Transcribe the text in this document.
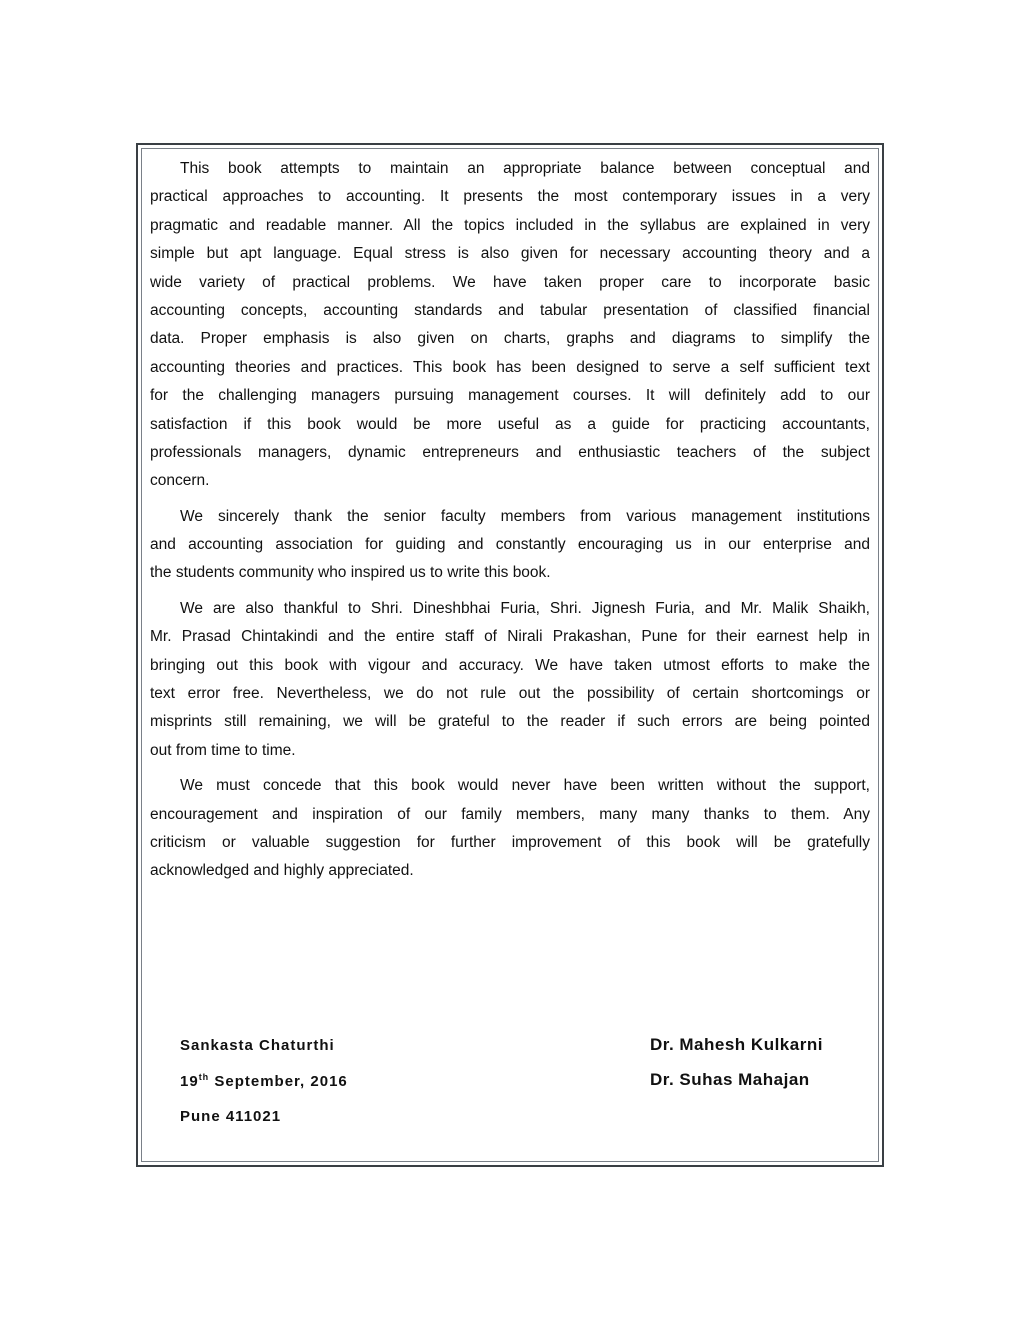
This book attempts to maintain an appropriate balance between conceptual and
practical approaches to accounting. It presents the most contemporary issues in a very
pragmatic and readable manner. All the topics included in the syllabus are explained in very
simple but apt language. Equal stress is also given for necessary accounting theory and a
wide variety of practical problems. We have taken proper care to incorporate basic
accounting concepts, accounting standards and tabular presentation of classified financial
data. Proper emphasis is also given on charts, graphs and diagrams to simplify the
accounting theories and practices. This book has been designed to serve a self sufficient text
for the challenging managers pursuing management courses. It will definitely add to our
satisfaction if this book would be more useful as a guide for practicing accountants,
professionals managers, dynamic entrepreneurs and enthusiastic teachers of the subject
concern.
We sincerely thank the senior faculty members from various management institutions
and accounting association for guiding and constantly encouraging us in our enterprise and
the students community who inspired us to write this book.
We are also thankful to Shri. Dineshbhai Furia, Shri. Jignesh Furia, and Mr. Malik Shaikh,
Mr. Prasad Chintakindi and the entire staff of Nirali Prakashan, Pune for their earnest help in
bringing out this book with vigour and accuracy. We have taken utmost efforts to make the
text error free. Nevertheless, we do not rule out the possibility of certain shortcomings or
misprints still remaining, we will be grateful to the reader if such errors are being pointed
out from time to time.
We must concede that this book would never have been written without the support,
encouragement and inspiration of our family members, many many thanks to them. Any
criticism or valuable suggestion for further improvement of this book will be gratefully
acknowledged and highly appreciated.
Sankasta Chaturthi
19th September, 2016
Pune 411021
Dr. Mahesh Kulkarni
Dr. Suhas Mahajan
